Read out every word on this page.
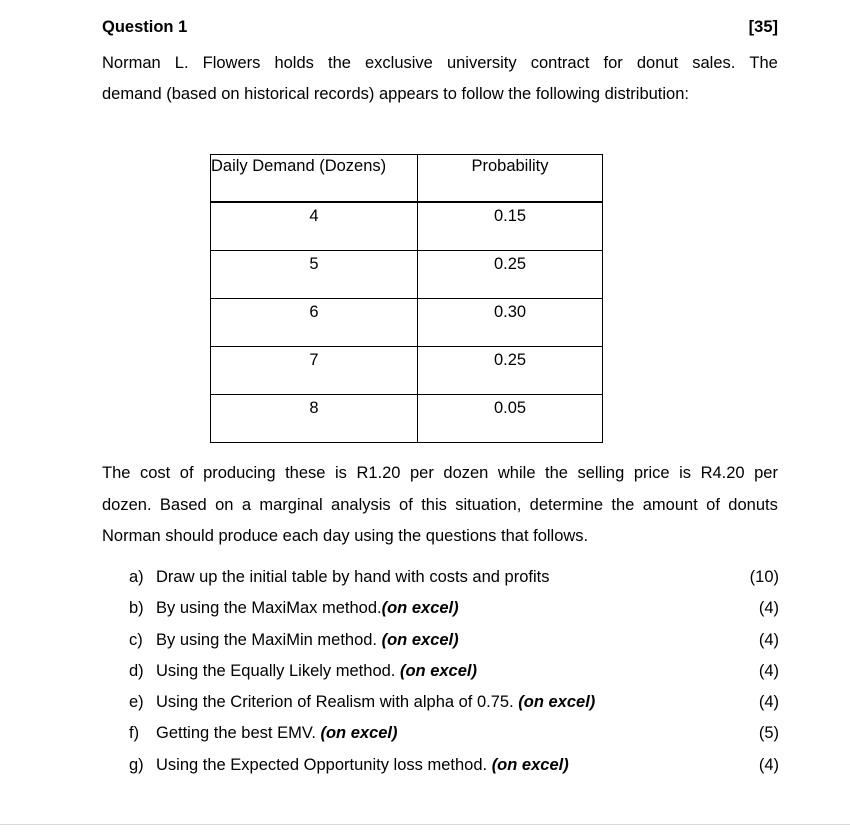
Question 1	[35]
Norman L. Flowers holds the exclusive university contract for donut sales. The
demand (based on historical records) appears to follow the following distribution:
Daily Demand (Dozens)	Probability
4	0.15
5	0.25
6	0.30
7	0.25
8	0.05
The cost of producing these is R1.20 per dozen while the selling price is R4.20 per
dozen. Based on a marginal analysis of this situation, determine the amount of donuts
Norman should produce each day using the questions that follows.
a) Draw up the initial table by hand with costs and profits	(10)
b) By using the MaxiMax method.(on excel)	(4)
c) By using the MaxiMin method. (on excel)	(4)
d) Using the Equally Likely method. (on excel)	(4)
e) Using the Criterion of Realism with alpha of 0.75. (on excel)	(4)
f) Getting the best EMV. (on excel)	(5)
g) Using the Expected Opportunity loss method. (on excel)	(4)
